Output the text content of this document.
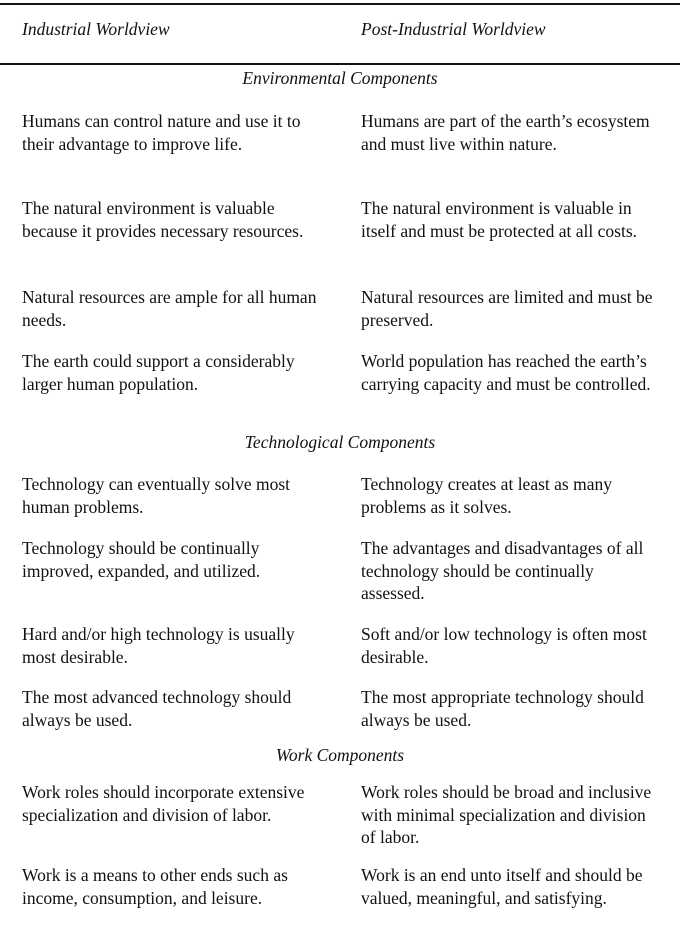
Industrial Worldview	Post-Industrial Worldview
Environmental Components
Humans can control nature and use it to their advantage to improve life.
Humans are part of the earth’s ecosystem and must live within nature.
The natural environment is valuable because it provides necessary resources.
The natural environment is valuable in itself and must be protected at all costs.
Natural resources are ample for all human needs.
Natural resources are limited and must be preserved.
The earth could support a considerably larger human population.
World population has reached the earth’s carrying capacity and must be controlled.
Technological Components
Technology can eventually solve most human problems.
Technology creates at least as many problems as it solves.
Technology should be continually improved, expanded, and utilized.
The advantages and disadvantages of all technology should be continually assessed.
Hard and/or high technology is usually most desirable.
Soft and/or low technology is often most desirable.
The most advanced technology should always be used.
The most appropriate technology should always be used.
Work Components
Work roles should incorporate extensive specialization and division of labor.
Work roles should be broad and inclusive with minimal specialization and division of labor.
Work is a means to other ends such as income, consumption, and leisure.
Work is an end unto itself and should be valued, meaningful, and satisfying.
